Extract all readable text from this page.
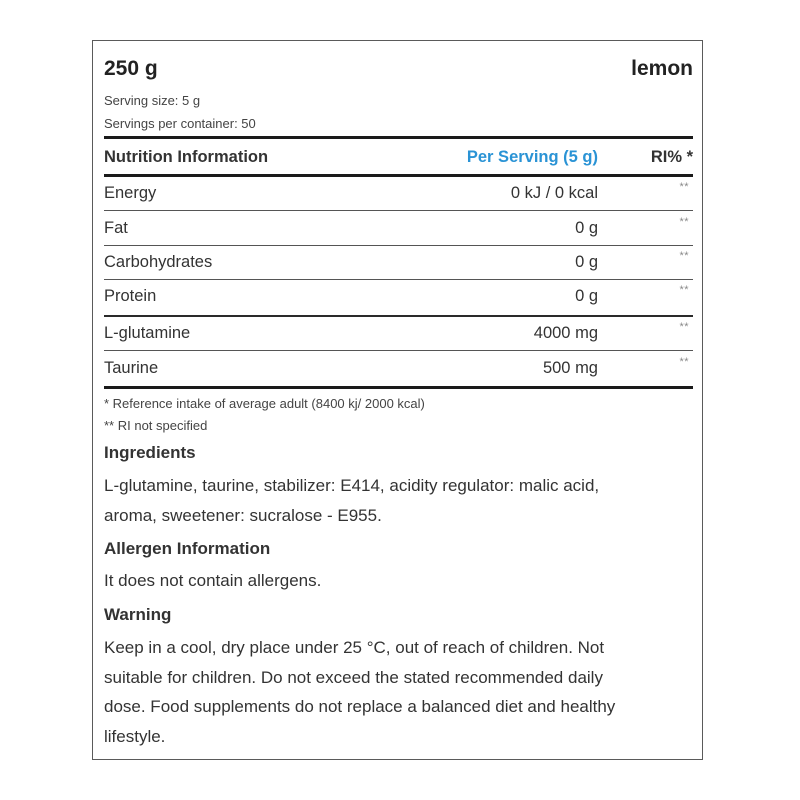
250 g	lemon
Serving size: 5 g
Servings per container: 50
Nutrition Information	Per Serving (5 g)	RI% *
Energy	0 kJ / 0 kcal	**
Fat	0 g	**
Carbohydrates	0 g	**
Protein	0 g	**
L-glutamine	4000 mg	**
Taurine	500 mg	**
* Reference intake of average adult (8400 kj/ 2000 kcal)
** RI not specified
Ingredients
L-glutamine, taurine, stabilizer: E414, acidity regulator: malic acid,
aroma, sweetener: sucralose - E955.
Allergen Information
It does not contain allergens.
Warning
Keep in a cool, dry place under 25 °C, out of reach of children. Not
suitable for children. Do not exceed the stated recommended daily
dose. Food supplements do not replace a balanced diet and healthy
lifestyle.
